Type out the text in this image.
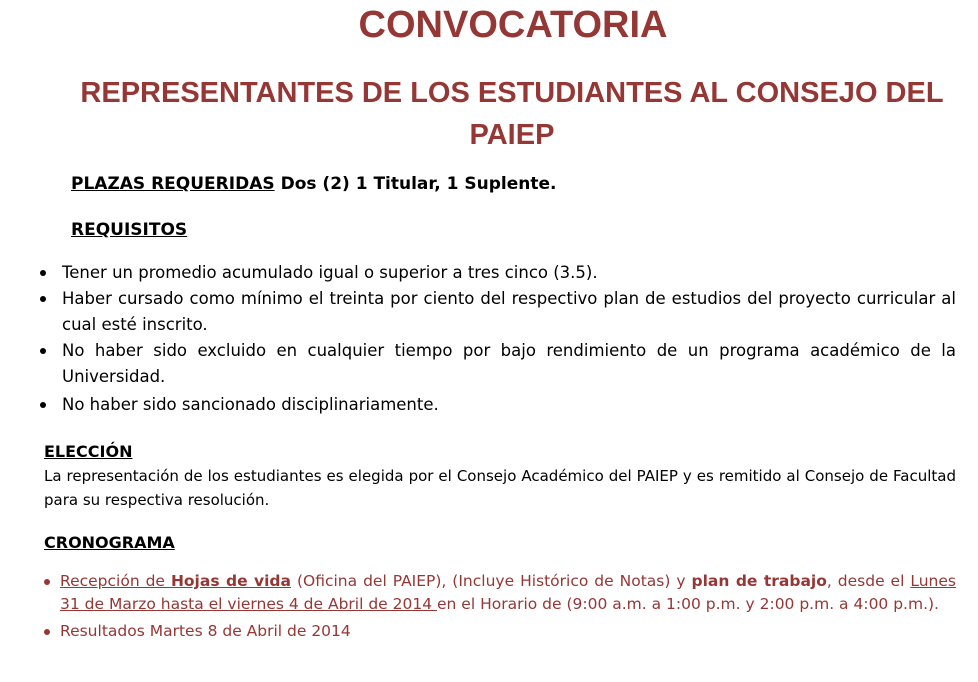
CONVOCATORIA
REPRESENTANTES DE LOS ESTUDIANTES AL CONSEJO DEL PAIEP
PLAZAS REQUERIDAS Dos (2) 1 Titular, 1 Suplente.
REQUISITOS
Tener un promedio acumulado igual o superior a tres cinco (3.5).
Haber cursado como mínimo el treinta por ciento del respectivo plan de estudios del proyecto curricular al cual esté inscrito.
No haber sido excluido en cualquier tiempo por bajo rendimiento de un programa académico de la Universidad.
No haber sido sancionado disciplinariamente.
ELECCIÓN

La representación de los estudiantes es elegida por el Consejo Académico del PAIEP y es remitido al Consejo de Facultad para su respectiva resolución.

CRONOGRAMA
Recepción de Hojas de vida (Oficina del PAIEP), (Incluye Histórico de Notas) y plan de trabajo, desde el Lunes 31 de Marzo hasta el viernes 4 de Abril de 2014 en el Horario de (9:00 a.m. a 1:00 p.m. y 2:00 p.m. a 4:00 p.m.).
Resultados Martes 8 de Abril de 2014
